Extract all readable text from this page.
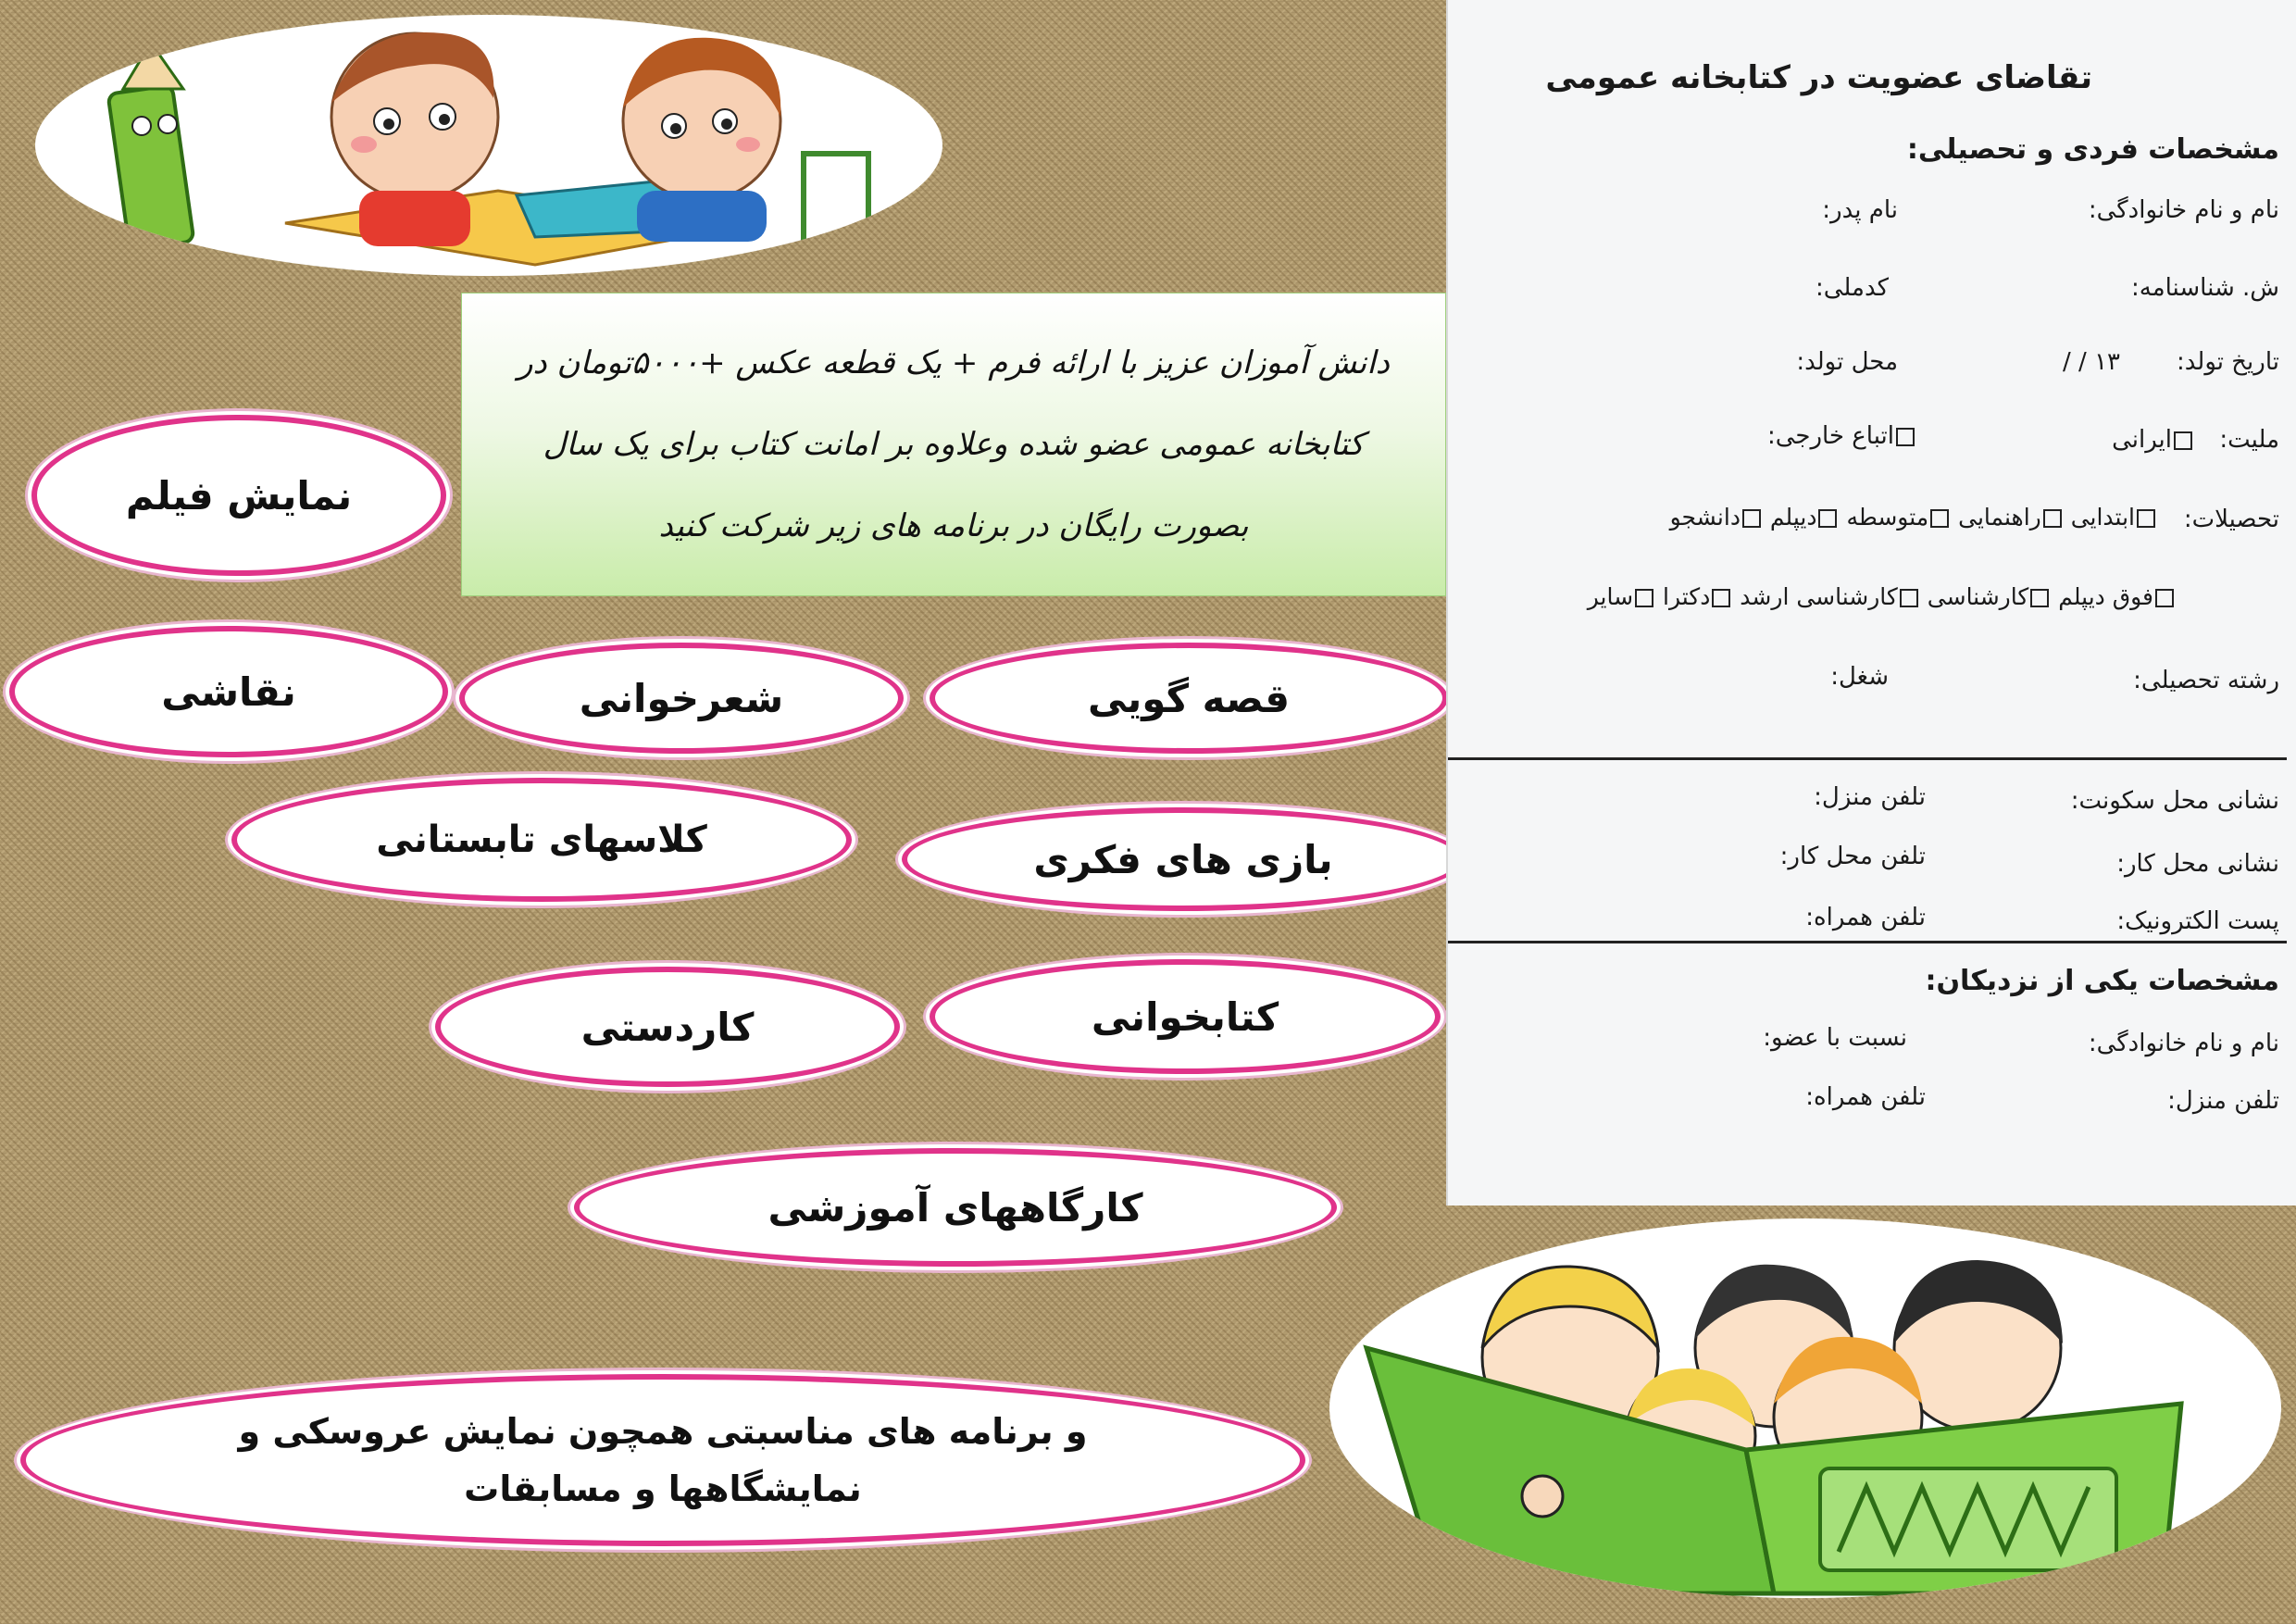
دانش آموزان عزیز با ارائه فرم + یک قطعه عکس +۵۰۰۰تومان در کتابخانه عمومی عضو شده وعلاوه بر امانت کتاب برای یک سال بصورت رایگان در برنامه های زیر شرکت کنید

نمایش فیلم
نقاشی	شعرخوانی	قصه گویی
کلاسهای تابستانی	بازی های فکری
کاردستی	کتابخوانی
کارگاههای آموزشی
و برنامه های مناسبتی همچون نمایش عروسکی و نمایشگاهها و مسابقات
تقاضای عضویت در کتابخانه عمومی
مشخصات فردی و تحصیلی:
نام و نام خانوادگی:
نام پدر:
ش. شناسنامه:
کدملی:
تاریخ تولد:
/ / ۱۳
محل تولد:
ملیت:
ایرانی
اتباع خارجی:
تحصیلات:
ابتدایی راهنمایی متوسطه دیپلم دانشجو
فوق دیپلم کارشناسی کارشناسی ارشد دکترا سایر
رشته تحصیلی:
شغل:
نشانی محل سکونت:
تلفن منزل:
نشانی محل کار:
تلفن محل کار:
پست الکترونیک:
تلفن همراه:
مشخصات یکی از نزدیکان:
نام و نام خانوادگی:
نسبت با عضو:
تلفن منزل:
تلفن همراه:
